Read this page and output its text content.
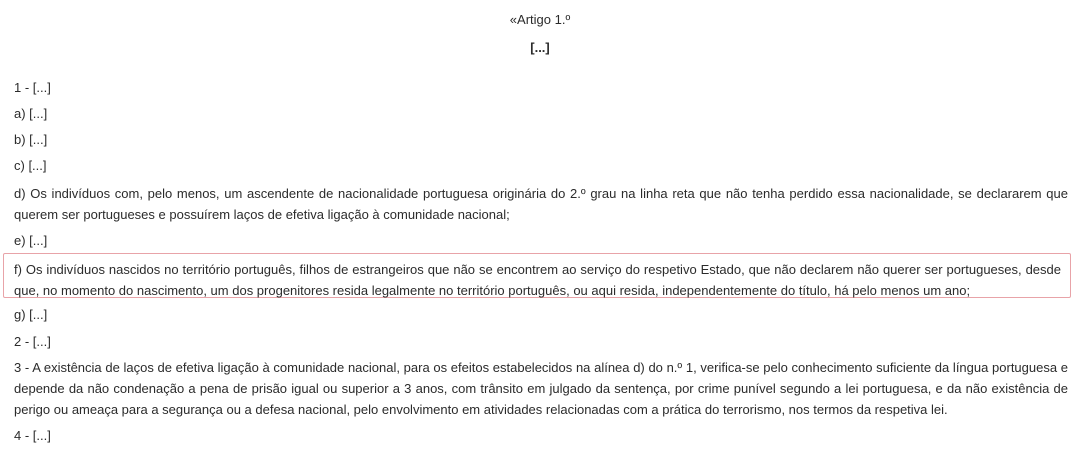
«Artigo 1.º

[...]

1 - [...]

a) [...]

b) [...]

c) [...]

d) Os indivíduos com, pelo menos, um ascendente de nacionalidade portuguesa originária do 2.º grau na linha reta que não tenha perdido essa nacionalidade, se declararem que querem ser portugueses e possuírem laços de efetiva ligação à comunidade nacional;

e) [...]

f) Os indivíduos nascidos no território português, filhos de estrangeiros que não se encontrem ao serviço do respetivo Estado, que não declarem não querer ser portugueses, desde que, no momento do nascimento, um dos progenitores resida legalmente no território português, ou aqui resida, independentemente do título, há pelo menos um ano;

g) [...]

2 - [...]

3 - A existência de laços de efetiva ligação à comunidade nacional, para os efeitos estabelecidos na alínea d) do n.º 1, verifica-se pelo conhecimento suficiente da língua portuguesa e depende da não condenação a pena de prisão igual ou superior a 3 anos, com trânsito em julgado da sentença, por crime punível segundo a lei portuguesa, e da não existência de perigo ou ameaça para a segurança ou a defesa nacional, pelo envolvimento em atividades relacionadas com a prática do terrorismo, nos termos da respetiva lei.

4 - [...]
